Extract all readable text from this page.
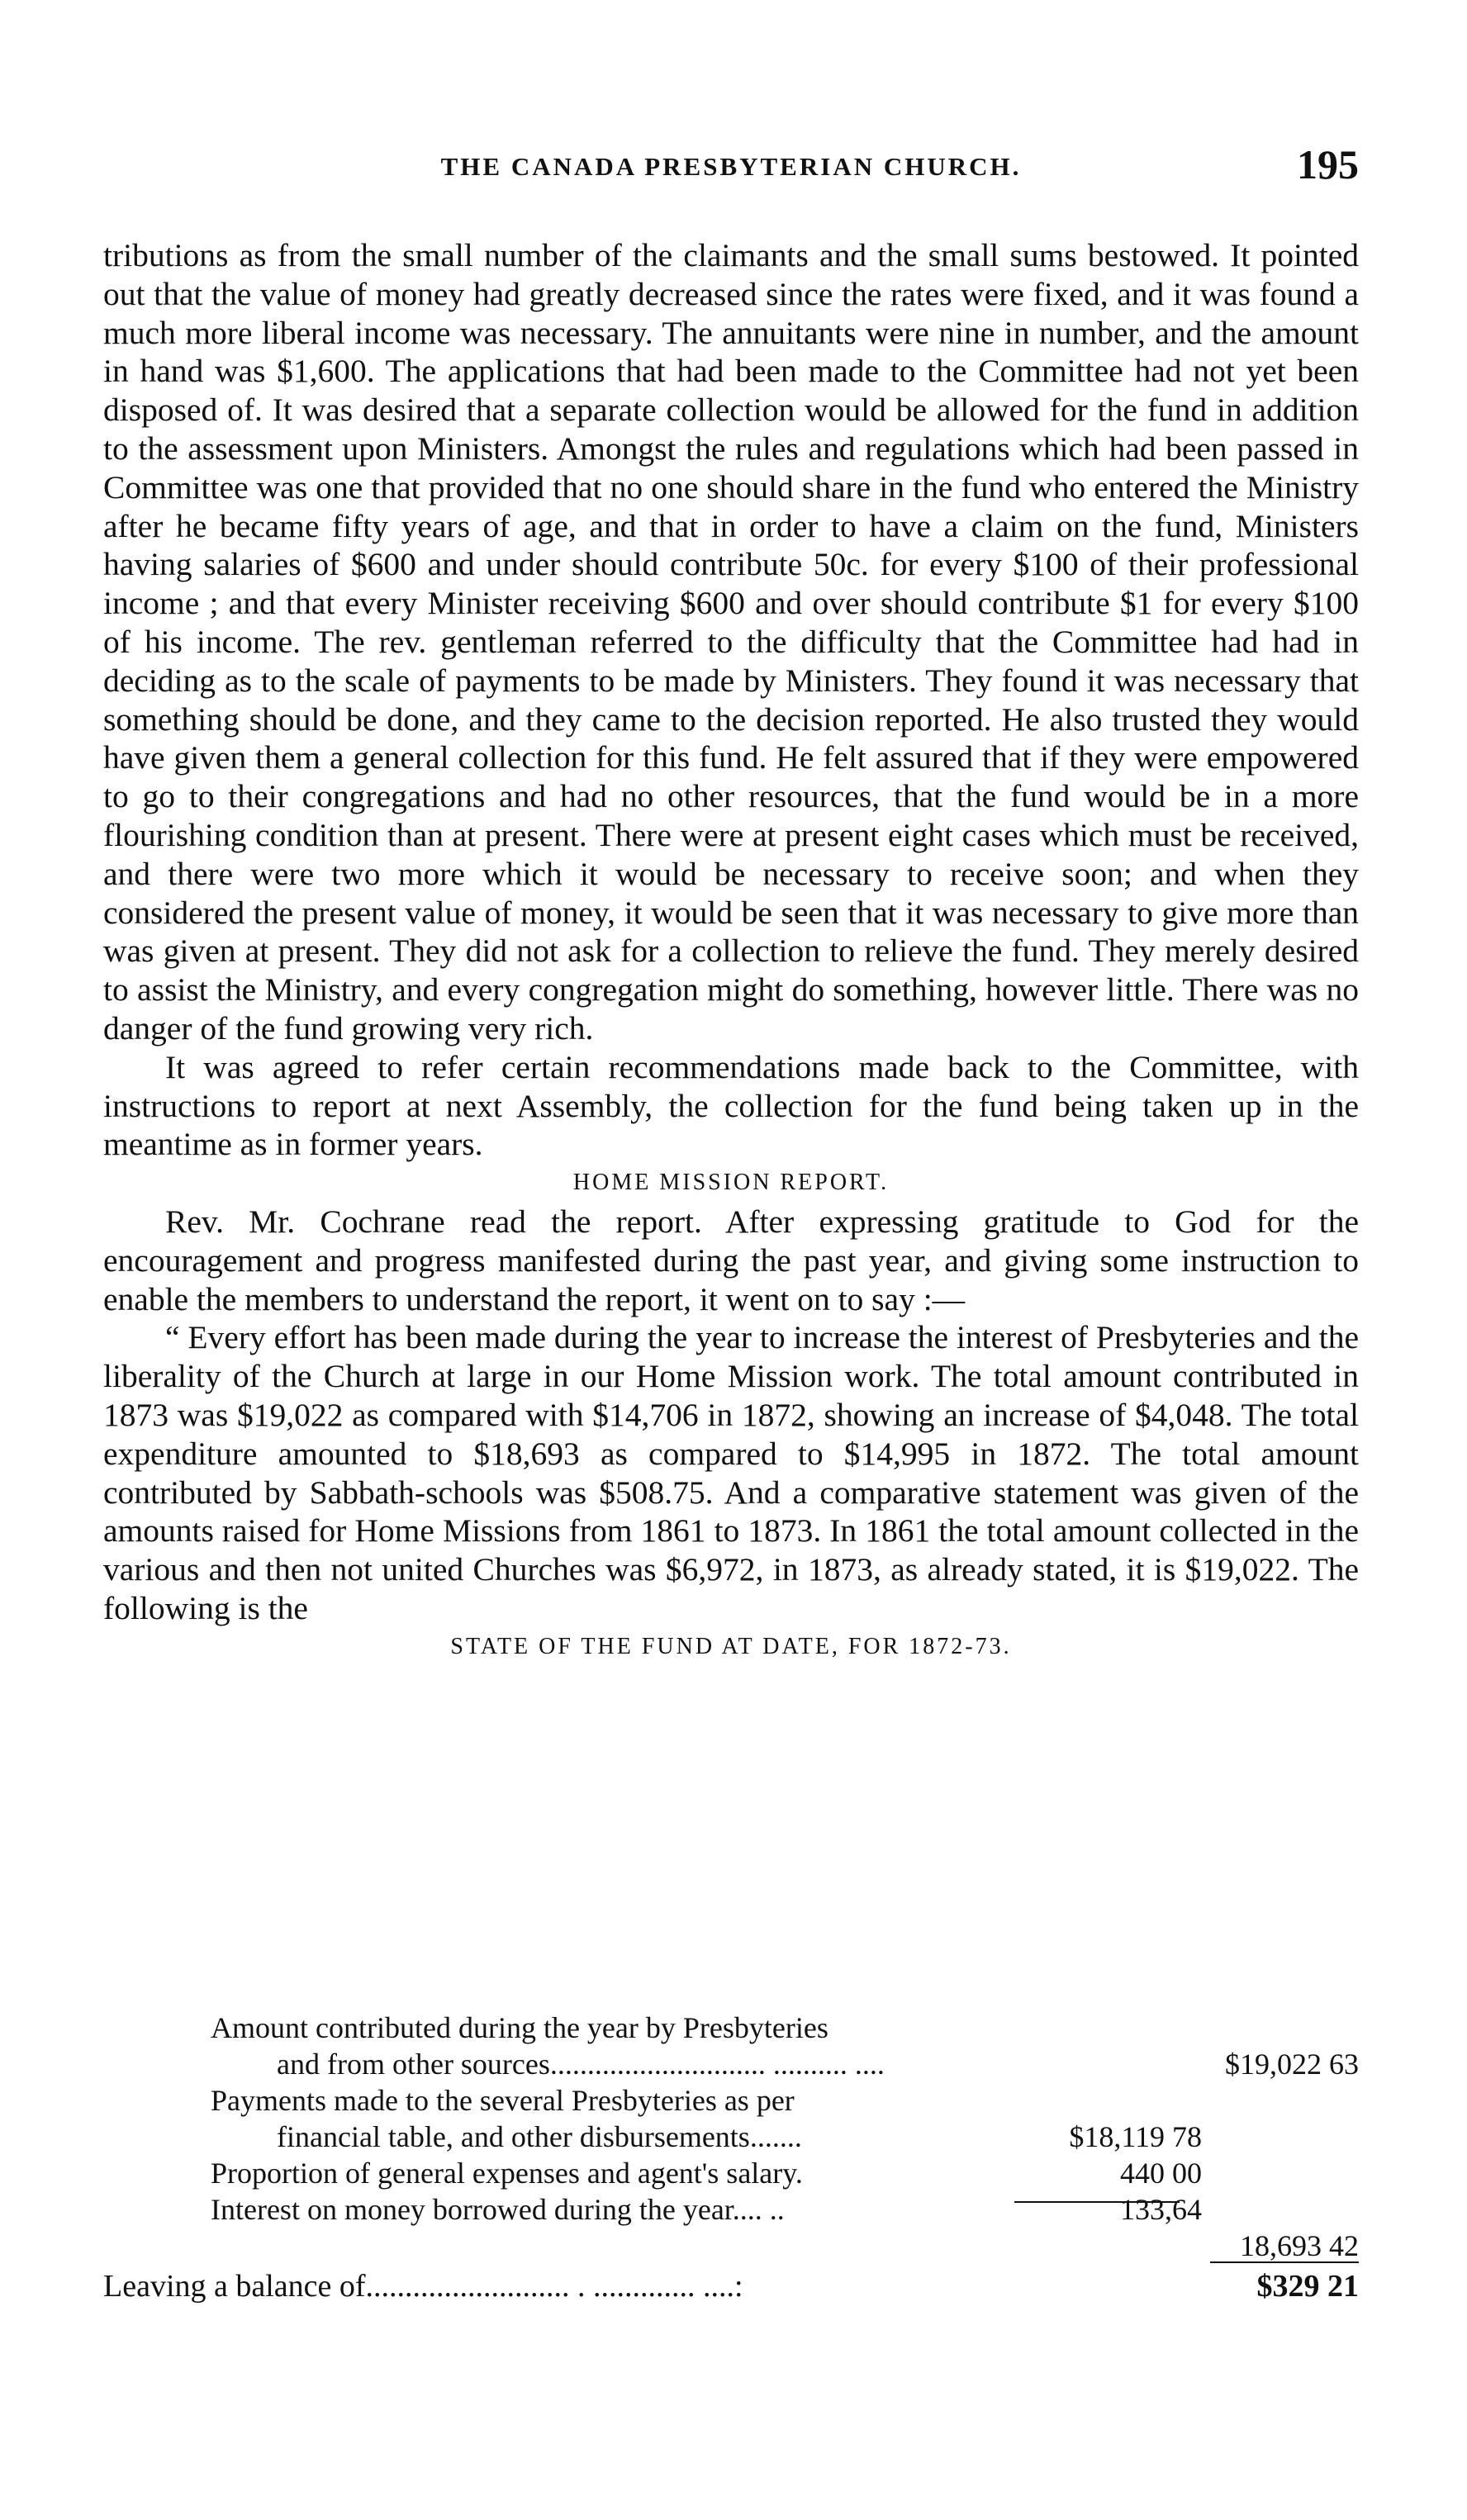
THE CANADA PRESBYTERIAN CHURCH.	195

tributions as from the small number of the claimants and the small sums bestowed. It pointed out that the value of money had greatly decreased since the rates were fixed, and it was found a much more liberal income was necessary. The annuitants were nine in number, and the amount in hand was $1,600. The applications that had been made to the Committee had not yet been disposed of. It was desired that a separate collection would be allowed for the fund in addition to the assessment upon Ministers. Amongst the rules and regulations which had been passed in Committee was one that provided that no one should share in the fund who entered the Ministry after he became fifty years of age, and that in order to have a claim on the fund, Ministers having salaries of $600 and under should contribute 50c. for every $100 of their professional income ; and that every Minister receiving $600 and over should contribute $1 for every $100 of his income. The rev. gentleman referred to the difficulty that the Committee had had in deciding as to the scale of payments to be made by Ministers. They found it was necessary that something should be done, and they came to the decision reported. He also trusted they would have given them a general collection for this fund. He felt assured that if they were empowered to go to their congregations and had no other resources, that the fund would be in a more flourishing condition than at present. There were at present eight cases which must be received, and there were two more which it would be necessary to receive soon; and when they considered the present value of money, it would be seen that it was necessary to give more than was given at present. They did not ask for a collection to relieve the fund. They merely desired to assist the Ministry, and every congregation might do something, however little. There was no danger of the fund growing very rich.

It was agreed to refer certain recommendations made back to the Committee, with instructions to report at next Assembly, the collection for the fund being taken up in the meantime as in former years.

HOME MISSION REPORT.

Rev. Mr. Cochrane read the report. After expressing gratitude to God for the encouragement and progress manifested during the past year, and giving some instruction to enable the members to understand the report, it went on to say :—

“ Every effort has been made during the year to increase the interest of Presbyteries and the liberality of the Church at large in our Home Mission work. The total amount contributed in 1873 was $19,022 as compared with $14,706 in 1872, showing an increase of $4,048. The total expenditure amounted to $18,693 as compared to $14,995 in 1872. The total amount contributed by Sabbath-schools was $508.75. And a comparative statement was given of the amounts raised for Home Missions from 1861 to 1873. In 1861 the total amount collected in the various and then not united Churches was $6,972, in 1873, as already stated, it is $19,022. The following is the

STATE OF THE FUND AT DATE, FOR 1872-73.

Amount contributed during the year by Presbyteries
and from other sources............................. .......... ....	$19,022 63
Payments made to the several Presbyteries as per
financial table, and other disbursements.......	$18,119 78
Proportion of general expenses and agent's salary.	440 00
Interest on money borrowed during the year.... ..	133,64
18,693 42
Leaving a balance of.......................... . ............. ....:	$329 21
